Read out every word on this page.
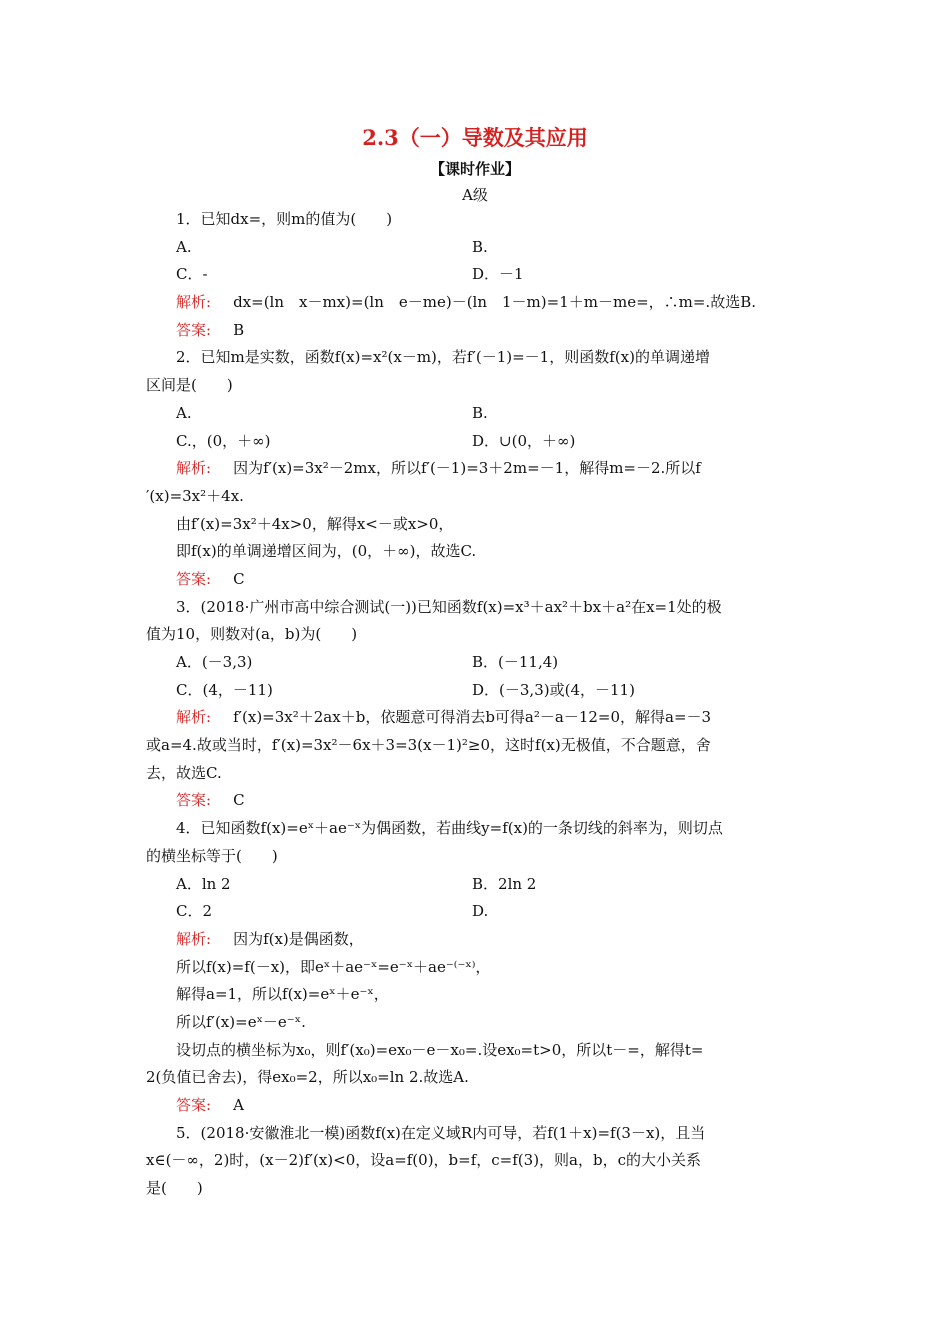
2.3（一）导数及其应用
【课时作业】
A级
1．已知dx=，则m的值为(　　)
A.	B.
C．-	D．－1
解析: dx=(ln　x－mx)=(ln　e－me)－(ln　1－m)=1＋m－me=，∴m=.故选B.
答案: B
2．已知m是实数，函数f(x)=x²(x－m)，若f′(－1)=－1，则函数f(x)的单调递增
区间是(　　)
A.	B.
C.，(0，＋∞)	D．∪(0，＋∞)
解析: 因为f′(x)=3x²－2mx，所以f′(－1)=3＋2m=－1，解得m=－2.所以f
′(x)=3x²＋4x.
由f′(x)=3x²＋4x>0，解得x<－或x>0，
即f(x)的单调递增区间为，(0，＋∞)，故选C.
答案: C
3．(2018·广州市高中综合测试(一))已知函数f(x)=x³＋ax²＋bx＋a²在x=1处的极
值为10，则数对(a，b)为(　　)
A．(－3,3)	B．(－11,4)
C．(4，－11)	D．(－3,3)或(4，－11)
解析: f′(x)=3x²＋2ax＋b，依题意可得消去b可得a²－a－12=0，解得a=－3
或a=4.故或当时，f′(x)=3x²－6x＋3=3(x－1)²≥0，这时f(x)无极值，不合题意，舍
去，故选C.
答案: C
4．已知函数f(x)=eˣ＋ae⁻ˣ为偶函数，若曲线y=f(x)的一条切线的斜率为，则切点
的横坐标等于(　　)
A．ln 2	B．2ln 2
C．2	D.
解析: 因为f(x)是偶函数，
所以f(x)=f(－x)，即eˣ＋ae⁻ˣ=e⁻ˣ＋ae⁻⁽⁻ˣ⁾，
解得a=1，所以f(x)=eˣ＋e⁻ˣ，
所以f′(x)=eˣ－e⁻ˣ.
设切点的横坐标为x₀，则f′(x₀)=ex₀－e－x₀=.设ex₀=t>0，所以t－=，解得t=
2(负值已舍去)，得ex₀=2，所以x₀=ln 2.故选A.
答案: A
5．(2018·安徽淮北一模)函数f(x)在定义域R内可导，若f(1＋x)=f(3－x)，且当
x∈(－∞，2)时，(x－2)f′(x)<0，设a=f(0)，b=f，c=f(3)，则a，b，c的大小关系
是(　　)
